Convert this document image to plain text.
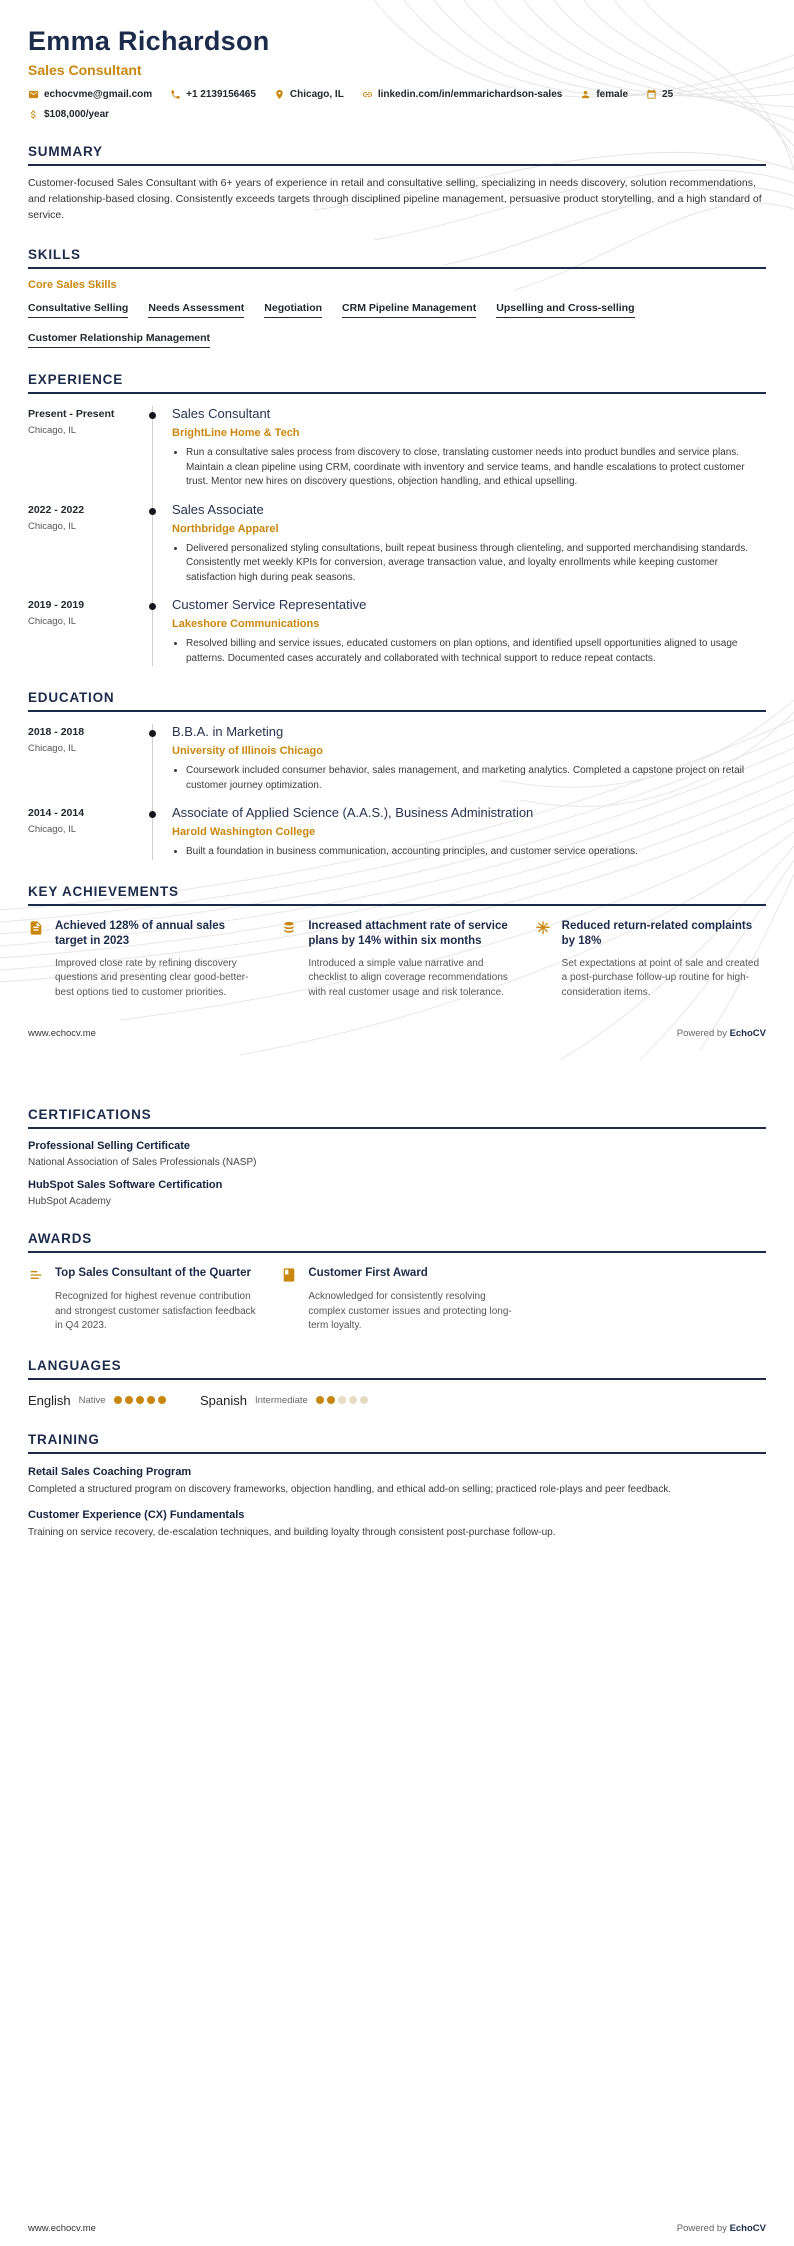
Emma Richardson
Sales Consultant
echocvme@gmail.com	+1 2139156465	Chicago, IL	linkedin.com/in/emmarichardson-sales	female	25
$108,000/year
SUMMARY
Customer-focused Sales Consultant with 6+ years of experience in retail and consultative selling, specializing in needs discovery, solution recommendations, and relationship-based closing. Consistently exceeds targets through disciplined pipeline management, persuasive product storytelling, and a high standard of service.
SKILLS
Core Sales Skills
Consultative Selling Needs Assessment Negotiation CRM Pipeline Management Upselling and Cross-selling
Customer Relationship Management
EXPERIENCE
Present - Present
Chicago, IL
Sales Consultant
BrightLine Home & Tech
• Run a consultative sales process from discovery to close, translating customer needs into product bundles and service plans. Maintain a clean pipeline using CRM, coordinate with inventory and service teams, and handle escalations to protect customer trust. Mentor new hires on discovery questions, objection handling, and ethical upselling.
2022 - 2022
Chicago, IL
Sales Associate
Northbridge Apparel
• Delivered personalized styling consultations, built repeat business through clienteling, and supported merchandising standards. Consistently met weekly KPIs for conversion, average transaction value, and loyalty enrollments while keeping customer satisfaction high during peak seasons.
2019 - 2019
Chicago, IL
Customer Service Representative
Lakeshore Communications
• Resolved billing and service issues, educated customers on plan options, and identified upsell opportunities aligned to usage patterns. Documented cases accurately and collaborated with technical support to reduce repeat contacts.
EDUCATION
2018 - 2018
Chicago, IL
B.B.A. in Marketing
University of Illinois Chicago
• Coursework included consumer behavior, sales management, and marketing analytics. Completed a capstone project on retail customer journey optimization.
2014 - 2014
Chicago, IL
Associate of Applied Science (A.A.S.), Business Administration
Harold Washington College
• Built a foundation in business communication, accounting principles, and customer service operations.
KEY ACHIEVEMENTS
Achieved 128% of annual sales target in 2023
Improved close rate by refining discovery questions and presenting clear good-better-best options tied to customer priorities.
Increased attachment rate of service plans by 14% within six months
Introduced a simple value narrative and checklist to align coverage recommendations with real customer usage and risk tolerance.
Reduced return-related complaints by 18%
Set expectations at point of sale and created a post-purchase follow-up routine for high-consideration items.
www.echocv.me	Powered by EchoCV
CERTIFICATIONS
Professional Selling Certificate
National Association of Sales Professionals (NASP)
HubSpot Sales Software Certification
HubSpot Academy
AWARDS
Top Sales Consultant of the Quarter
Recognized for highest revenue contribution and strongest customer satisfaction feedback in Q4 2023.
Customer First Award
Acknowledged for consistently resolving complex customer issues and protecting long-term loyalty.
LANGUAGES
English Native	Spanish Intermediate
TRAINING
Retail Sales Coaching Program
Completed a structured program on discovery frameworks, objection handling, and ethical add-on selling; practiced role-plays and peer feedback.
Customer Experience (CX) Fundamentals
Training on service recovery, de-escalation techniques, and building loyalty through consistent post-purchase follow-up.
www.echocv.me	Powered by EchoCV
